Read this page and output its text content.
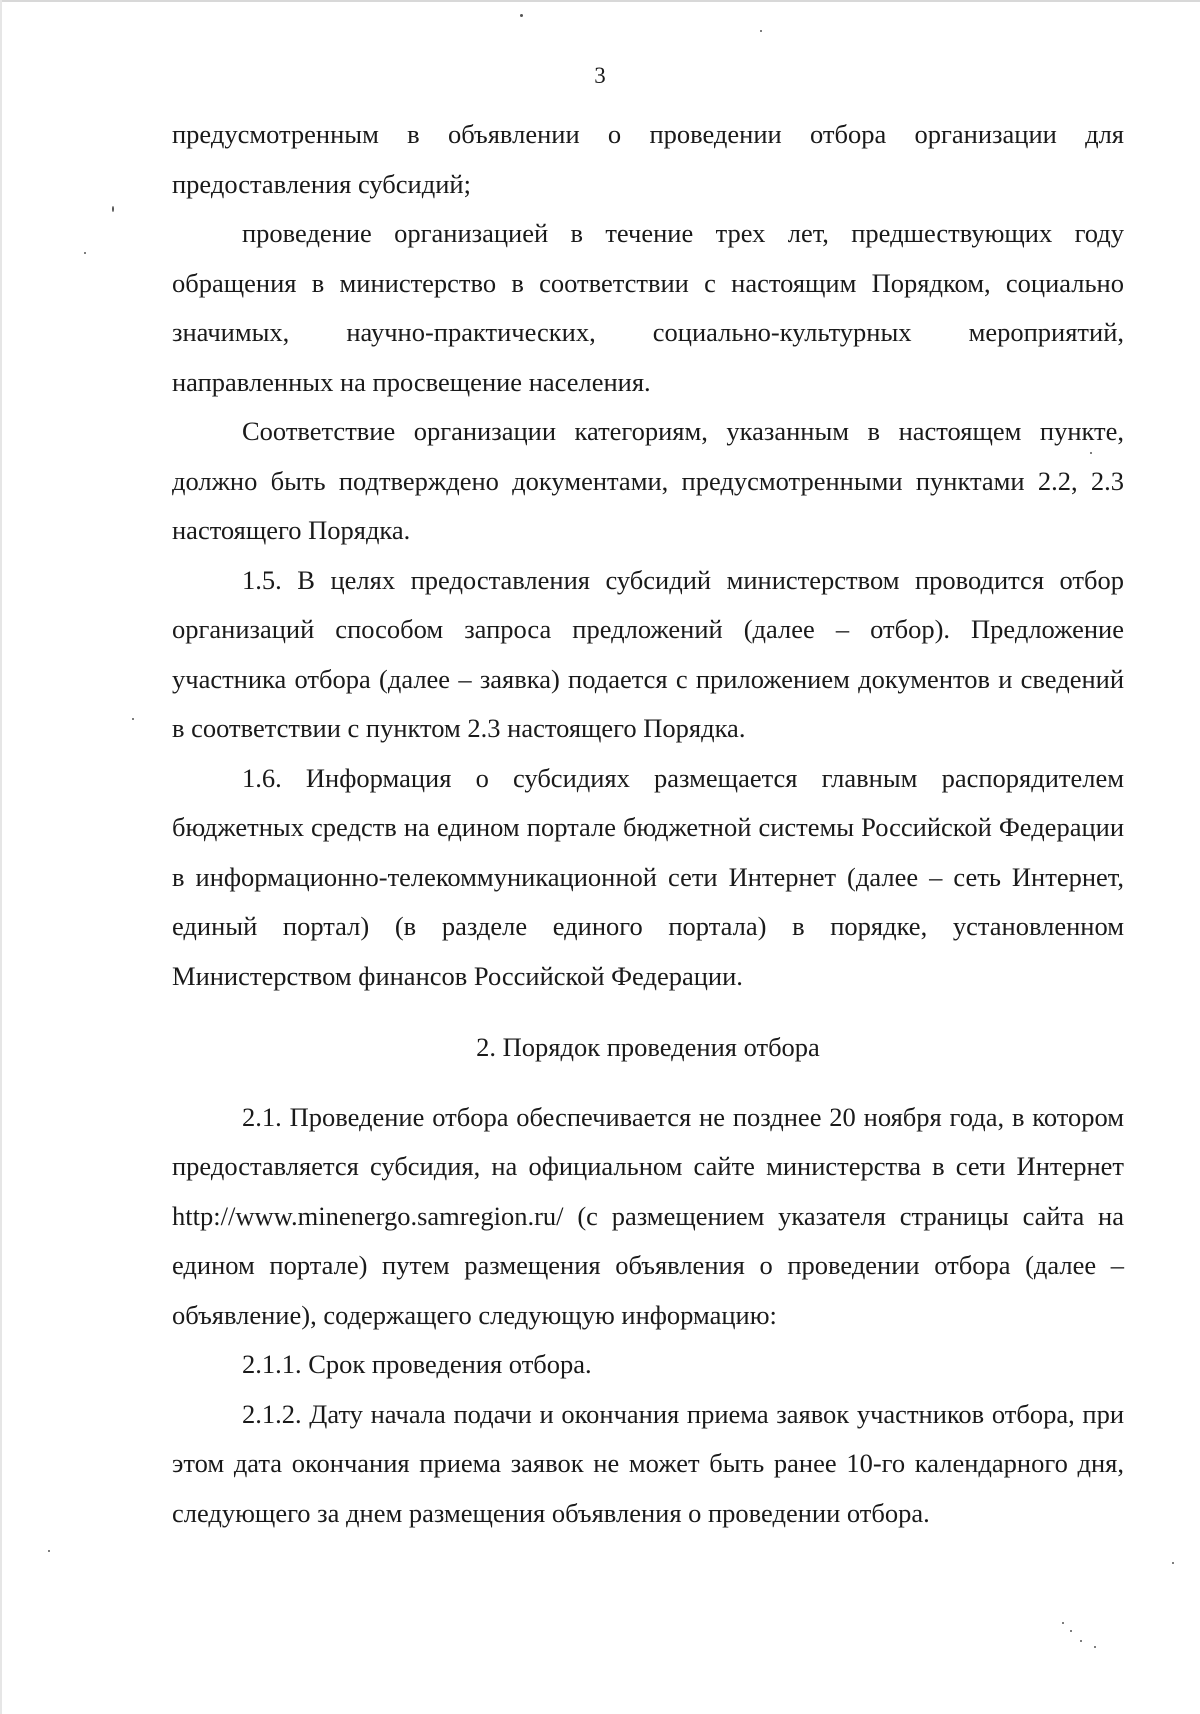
3

предусмотренным в объявлении о проведении отбора организации для предоставления субсидий;

проведение организацией в течение трех лет, предшествующих году обращения в министерство в соответствии с настоящим Порядком, социально значимых, научно-практических, социально-культурных мероприятий, направленных на просвещение населения.

Соответствие организации категориям, указанным в настоящем пункте, должно быть подтверждено документами, предусмотренными пунктами 2.2, 2.3 настоящего Порядка.

1.5. В целях предоставления субсидий министерством проводится отбор организаций способом запроса предложений (далее – отбор). Предложение участника отбора (далее – заявка) подается с приложением документов и сведений в соответствии с пунктом 2.3 настоящего Порядка.

1.6. Информация о субсидиях размещается главным распорядителем бюджетных средств на едином портале бюджетной системы Российской Федерации в информационно-телекоммуникационной сети Интернет (далее – сеть Интернет, единый портал) (в разделе единого портала) в порядке, установленном Министерством финансов Российской Федерации.

2. Порядок проведения отбора

2.1. Проведение отбора обеспечивается не позднее 20 ноября года, в котором предоставляется субсидия, на официальном сайте министерства в сети Интернет http://www.minenergo.samregion.ru/ (с размещением указателя страницы сайта на едином портале) путем размещения объявления о проведении отбора (далее – объявление), содержащего следующую информацию:

2.1.1. Срок проведения отбора.

2.1.2. Дату начала подачи и окончания приема заявок участников отбора, при этом дата окончания приема заявок не может быть ранее 10-го календарного дня, следующего за днем размещения объявления о проведении отбора.
